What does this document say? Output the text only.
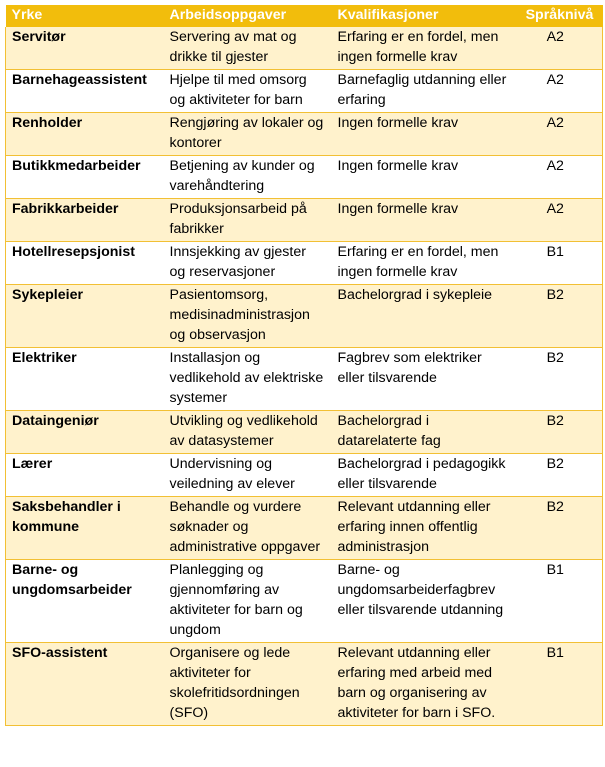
Yrke	Arbeidsoppgaver	Kvalifikasjoner	Språknivå
Servitør	Servering av mat og drikke til gjester	Erfaring er en fordel, men ingen formelle krav	A2
Barnehageassistent	Hjelpe til med omsorg og aktiviteter for barn	Barnefaglig utdanning eller erfaring	A2
Renholder	Rengjøring av lokaler og kontorer	Ingen formelle krav	A2
Butikkmedarbeider	Betjening av kunder og varehåndtering	Ingen formelle krav	A2
Fabrikkarbeider	Produksjonsarbeid på fabrikker	Ingen formelle krav	A2
Hotellresepsjonist	Innsjekking av gjester og reservasjoner	Erfaring er en fordel, men ingen formelle krav	B1
Sykepleier	Pasientomsorg, medisinadministrasjon og observasjon	Bachelorgrad i sykepleie	B2
Elektriker	Installasjon og vedlikehold av elektriske systemer	Fagbrev som elektriker eller tilsvarende	B2
Dataingeniør	Utvikling og vedlikehold av datasystemer	Bachelorgrad i datarelaterte fag	B2
Lærer	Undervisning og veiledning av elever	Bachelorgrad i pedagogikk eller tilsvarende	B2
Saksbehandler i kommune	Behandle og vurdere søknader og administrative oppgaver	Relevant utdanning eller erfaring innen offentlig administrasjon	B2
Barne- og ungdomsarbeider	Planlegging og gjennomføring av aktiviteter for barn og ungdom	Barne- og ungdomsarbeiderfagbrev eller tilsvarende utdanning	B1
SFO-assistent	Organisere og lede aktiviteter for skolefritidsordningen (SFO)	Relevant utdanning eller erfaring med arbeid med barn og organisering av aktiviteter for barn i SFO.	B1
